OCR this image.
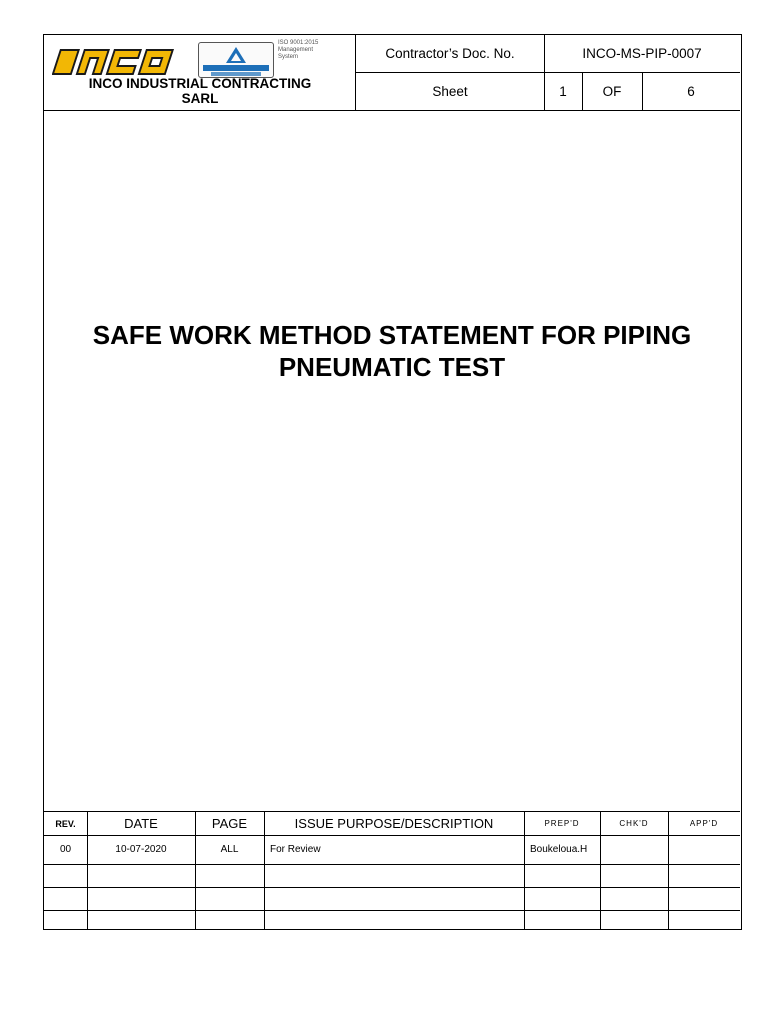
ISO 9001:2015
Management
System
INCO INDUSTRIAL CONTRACTING
SARL
Contractor’s Doc. No.	INCO-MS-PIP-0007
Sheet	1	OF	6
SAFE WORK METHOD STATEMENT FOR PIPING
PNEUMATIC TEST
REV.	DATE	PAGE	ISSUE PURPOSE/DESCRIPTION	PREP'D	CHK'D	APP'D
00	10-07-2020	ALL	For Review	Boukeloua.H
